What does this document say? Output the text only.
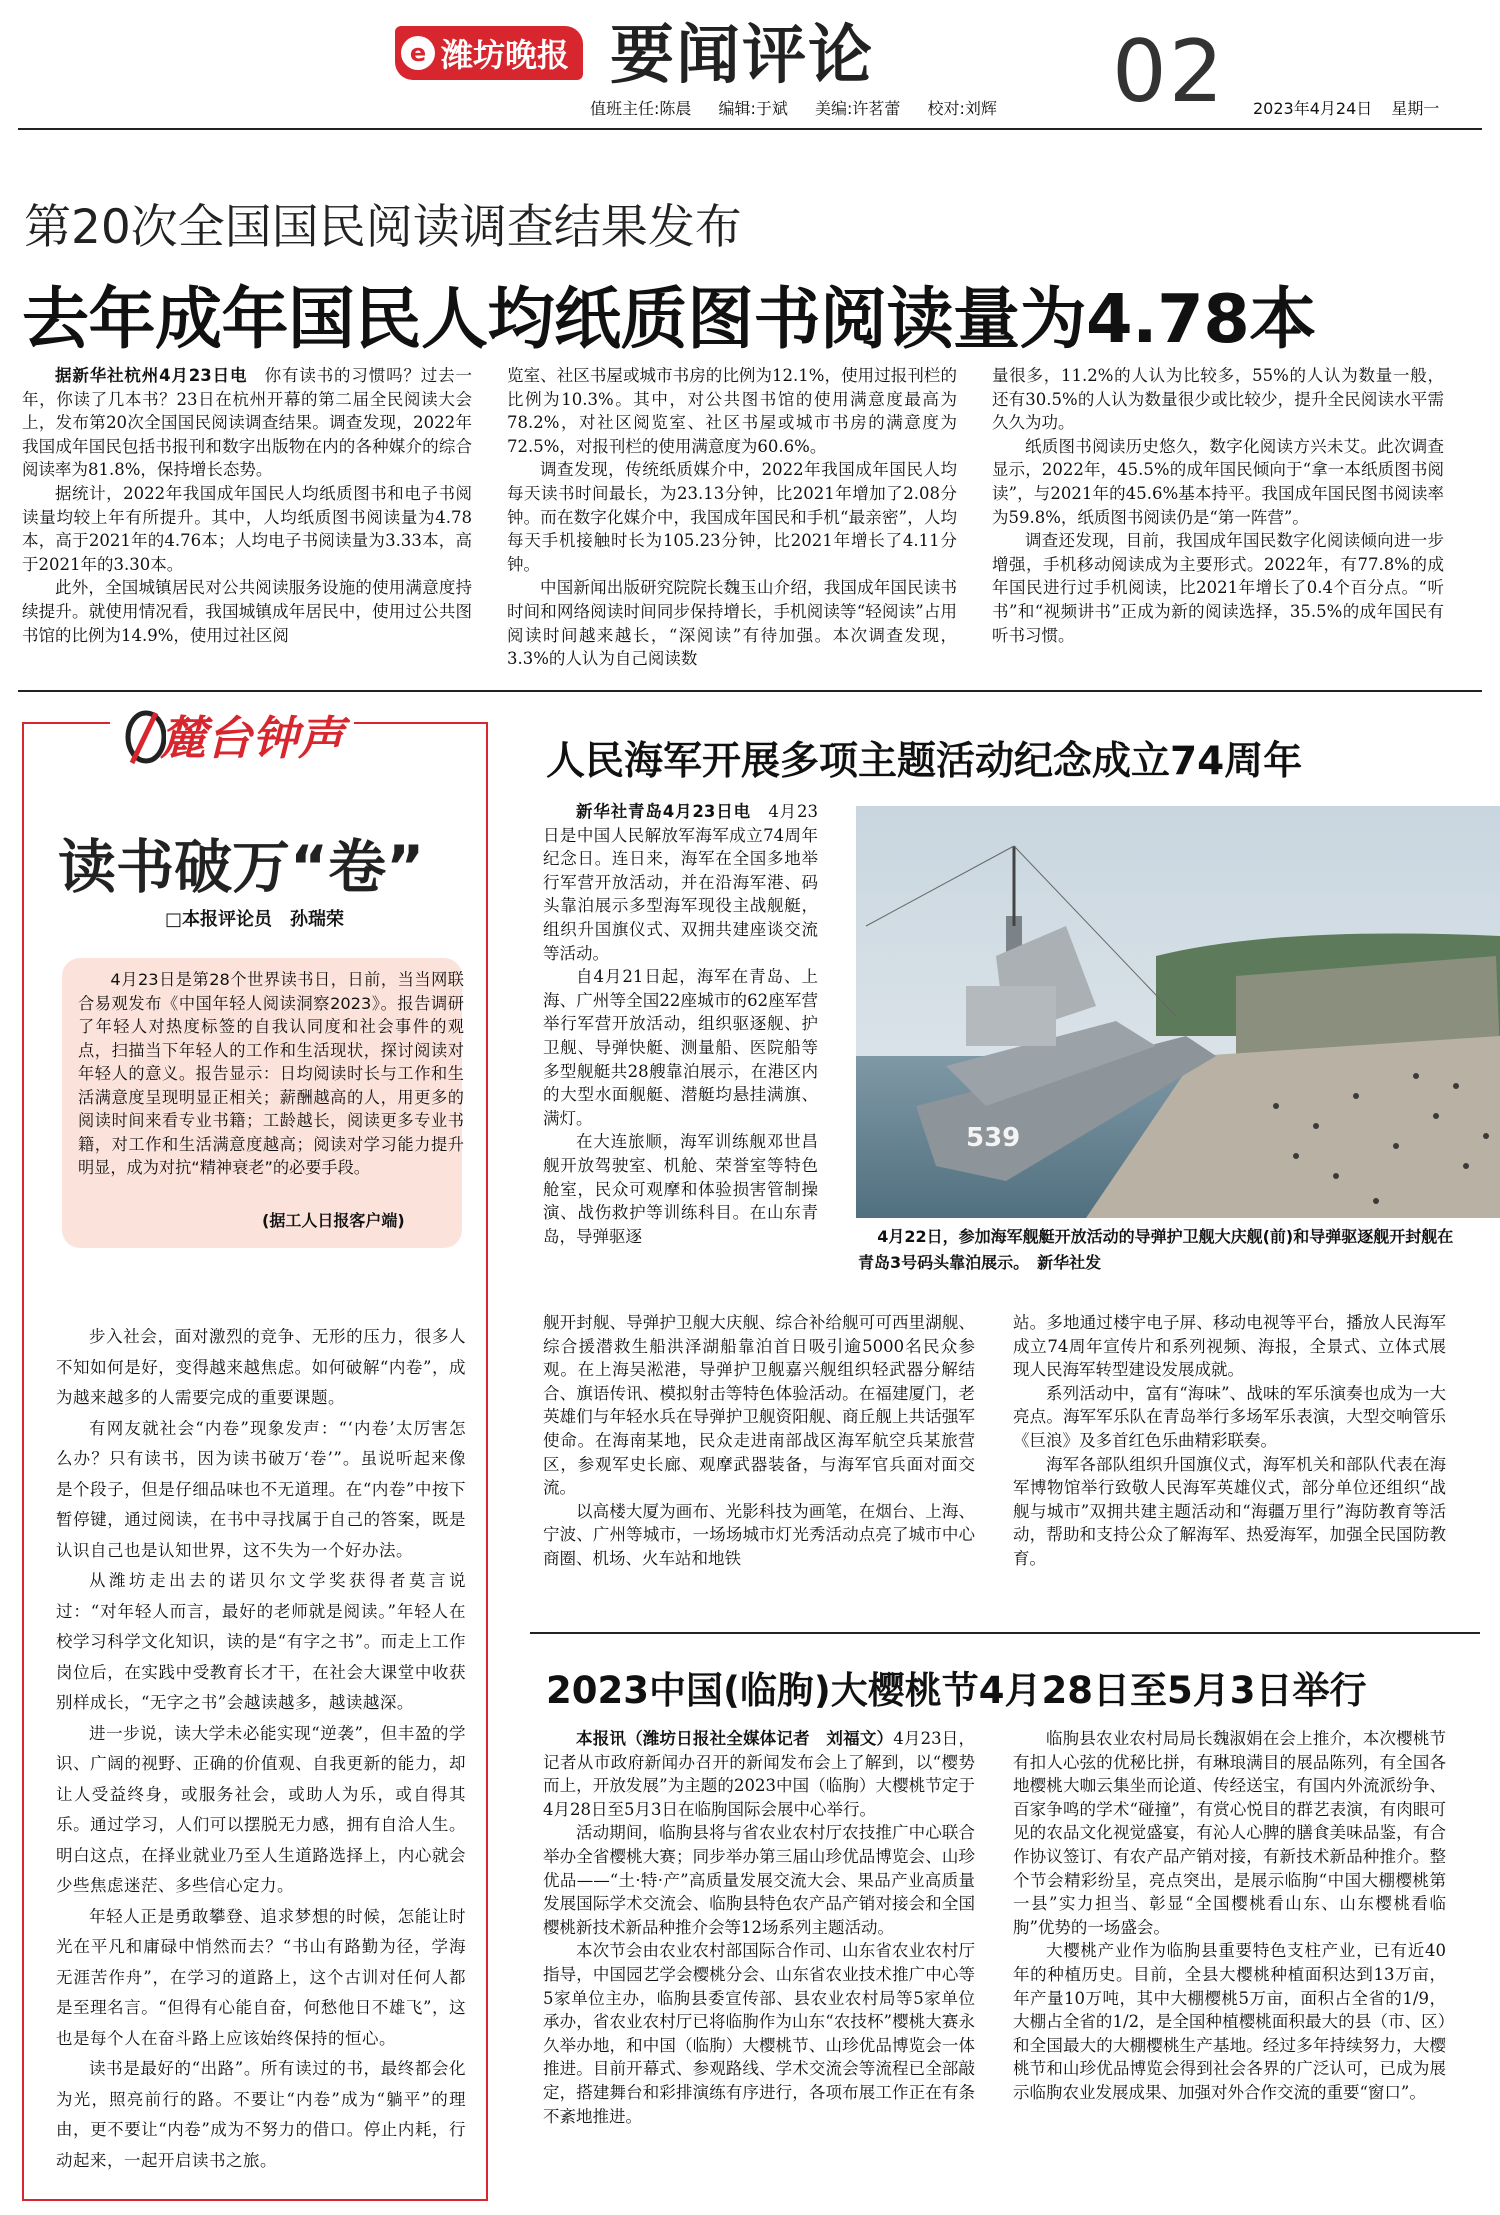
e 潍坊晚报 要闻评论	02
值班主任:陈晨 编辑:于斌 美编:许茗蕾 校对:刘辉	2023年4月24日 星期一
第20次全国国民阅读调查结果发布
去年成年国民人均纸质图书阅读量为4.78本

据新华社杭州4月23日电　 你有读书的习惯吗？过去一年，你读了几本书？23日在杭州开幕的第二届全民阅读大会上，发布第20次全国国民阅读调查结果。调查发现，2022年我国成年国民包括书报刊和数字出版物在内的各种媒介的综合阅读率为81.8%，保持增长态势。

据统计，2022年我国成年国民人均纸质图书和电子书阅读量均较上年有所提升。其中，人均纸质图书阅读量为4.78本，高于2021年的4.76本；人均电子书阅读量为3.33本，高于2021年的3.30本。

此外，全国城镇居民对公共阅读服务设施的使用满意度持续提升。就使用情况看，我国城镇成年居民中，使用过公共图书馆的比例为14.9%，使用过社区阅

览室、社区书屋或城市书房的比例为12.1%，使用过报刊栏的比例为10.3%。其中，对公共图书馆的使用满意度最高为78.2%，对社区阅览室、社区书屋或城市书房的满意度为72.5%，对报刊栏的使用满意度为60.6%。

调查发现，传统纸质媒介中，2022年我国成年国民人均每天读书时间最长，为23.13分钟，比2021年增加了2.08分钟。而在数字化媒介中，我国成年国民和手机“最亲密”，人均每天手机接触时长为105.23分钟，比2021年增长了4.11分钟。

中国新闻出版研究院院长魏玉山介绍，我国成年国民读书时间和网络阅读时间同步保持增长，手机阅读等“轻阅读”占用阅读时间越来越长，“深阅读”有待加强。本次调查发现，3.3%的人认为自己阅读数

量很多，11.2%的人认为比较多，55%的人认为数量一般，还有30.5%的人认为数量很少或比较少，提升全民阅读水平需久久为功。

纸质图书阅读历史悠久，数字化阅读方兴未艾。此次调查显示，2022年，45.5%的成年国民倾向于“拿一本纸质图书阅读”，与2021年的45.6%基本持平。我国成年国民图书阅读率为59.8%，纸质图书阅读仍是“第一阵营”。

调查还发现，目前，我国成年国民数字化阅读倾向进一步增强，手机移动阅读成为主要形式。2022年，有77.8%的成年国民进行过手机阅读，比2021年增长了0.4个百分点。“听书”和“视频讲书”正成为新的阅读选择，35.5%的成年国民有听书习惯。

麓台钟声
读书破万“卷”
□本报评论员　孙瑞荣

4月23日是第28个世界读书日，日前，当当网联合易观发布《中国年轻人阅读洞察2023》。报告调研了年轻人对热度标签的自我认同度和社会事件的观点，扫描当下年轻人的工作和生活现状，探讨阅读对年轻人的意义。报告显示：日均阅读时长与工作和生活满意度呈现明显正相关；薪酬越高的人，用更多的阅读时间来看专业书籍；工龄越长，阅读更多专业书籍，对工作和生活满意度越高；阅读对学习能力提升明显，成为对抗“精神衰老”的必要手段。

(据工人日报客户端)

步入社会，面对激烈的竞争、无形的压力，很多人不知如何是好，变得越来越焦虑。如何破解“内卷”，成为越来越多的人需要完成的重要课题。

有网友就社会“内卷”现象发声：“‘内卷’太厉害怎么办？只有读书，因为读书破万‘卷’”。虽说听起来像是个段子，但是仔细品味也不无道理。在“内卷”中按下暂停键，通过阅读，在书中寻找属于自己的答案，既是认识自己也是认知世界，这不失为一个好办法。

从潍坊走出去的诺贝尔文学奖获得者莫言说过：“对年轻人而言，最好的老师就是阅读。”年轻人在校学习科学文化知识，读的是“有字之书”。而走上工作岗位后，在实践中受教育长才干，在社会大课堂中收获别样成长，“无字之书”会越读越多，越读越深。

进一步说，读大学未必能实现“逆袭”，但丰盈的学识、广阔的视野、正确的价值观、自我更新的能力，却让人受益终身，或服务社会，或助人为乐，或自得其乐。通过学习，人们可以摆脱无力感，拥有自洽人生。明白这点，在择业就业乃至人生道路选择上，内心就会少些焦虑迷茫、多些信心定力。

年轻人正是勇敢攀登、追求梦想的时候，怎能让时光在平凡和庸碌中悄然而去？“书山有路勤为径，学海无涯苦作舟”，在学习的道路上，这个古训对任何人都是至理名言。“但得有心能自奋，何愁他日不雄飞”，这也是每个人在奋斗路上应该始终保持的恒心。

读书是最好的“出路”。所有读过的书，最终都会化为光，照亮前行的路。不要让“内卷”成为“躺平”的理由，更不要让“内卷”成为不努力的借口。停止内耗，行动起来，一起开启读书之旅。

人民海军开展多项主题活动纪念成立74周年

新华社青岛4月23日电　 4月23日是中国人民解放军海军成立74周年纪念日。连日来，海军在全国多地举行军营开放活动，并在沿海军港、码头靠泊展示多型海军现役主战舰艇，组织升国旗仪式、双拥共建座谈交流等活动。

自4月21日起，海军在青岛、上海、广州等全国22座城市的62座军营举行军营开放活动，组织驱逐舰、护卫舰、导弹快艇、测量船、医院船等多型舰艇共28艘靠泊展示，在港区内的大型水面舰艇、潜艇均悬挂满旗、满灯。

在大连旅顺，海军训练舰邓世昌舰开放驾驶室、机舱、荣誉室等特色舱室，民众可观摩和体验损害管制操演、战伤救护等训练科目。在山东青岛，导弹驱逐

539
4月22日，参加海军舰艇开放活动的导弹护卫舰大庆舰(前)和导弹驱逐舰开封舰在青岛3号码头靠泊展示。　新华社发

舰开封舰、导弹护卫舰大庆舰、综合补给舰可可西里湖舰、综合援潜救生船洪泽湖船靠泊首日吸引逾5000名民众参观。在上海吴淞港，导弹护卫舰嘉兴舰组织轻武器分解结合、旗语传讯、模拟射击等特色体验活动。在福建厦门，老英雄们与年轻水兵在导弹护卫舰资阳舰、商丘舰上共话强军使命。在海南某地，民众走进南部战区海军航空兵某旅营区，参观军史长廊、观摩武器装备，与海军官兵面对面交流。

以高楼大厦为画布、光影科技为画笔，在烟台、上海、宁波、广州等城市，一场场城市灯光秀活动点亮了城市中心商圈、机场、火车站和地铁

站。多地通过楼宇电子屏、移动电视等平台，播放人民海军成立74周年宣传片和系列视频、海报，全景式、立体式展现人民海军转型建设发展成就。

系列活动中，富有“海味”、战味的军乐演奏也成为一大亮点。海军军乐队在青岛举行多场军乐表演，大型交响管乐《巨浪》及多首红色乐曲精彩联奏。

海军各部队组织升国旗仪式，海军机关和部队代表在海军博物馆举行致敬人民海军英雄仪式，部分单位还组织“战舰与城市”双拥共建主题活动和“海疆万里行”海防教育等活动，帮助和支持公众了解海军、热爱海军，加强全民国防教育。

2023中国(临朐)大樱桃节4月28日至5月3日举行

本报讯（潍坊日报社全媒体记者　刘福文）4月23日，记者从市政府新闻办召开的新闻发布会上了解到，以“樱势而上，开放发展”为主题的2023中国（临朐）大樱桃节定于4月28日至5月3日在临朐国际会展中心举行。

活动期间，临朐县将与省农业农村厅农技推广中心联合举办全省樱桃大赛；同步举办第三届山珍优品博览会、山珍优品——“土·特·产”高质量发展交流大会、果品产业高质量发展国际学术交流会、临朐县特色农产品产销对接会和全国樱桃新技术新品种推介会等12场系列主题活动。

本次节会由农业农村部国际合作司、山东省农业农村厅指导，中国园艺学会樱桃分会、山东省农业技术推广中心等5家单位主办，临朐县委宣传部、县农业农村局等5家单位承办，省农业农村厅已将临朐作为山东“农技杯”樱桃大赛永久举办地，和中国（临朐）大樱桃节、山珍优品博览会一体推进。目前开幕式、参观路线、学术交流会等流程已全部敲定，搭建舞台和彩排演练有序进行，各项布展工作正在有条不紊地推进。

临朐县农业农村局局长魏淑娟在会上推介，本次樱桃节有扣人心弦的优秘比拼，有琳琅满目的展品陈列，有全国各地樱桃大咖云集坐而论道、传经送宝，有国内外流派纷争、百家争鸣的学术“碰撞”，有赏心悦目的群艺表演，有肉眼可见的农品文化视觉盛宴，有沁人心脾的膳食美味品鉴，有合作协议签订、有农产品产销对接，有新技术新品种推介。整个节会精彩纷呈，亮点突出，是展示临朐“中国大棚樱桃第一县”实力担当、彰显“全国樱桃看山东、山东樱桃看临朐”优势的一场盛会。

大樱桃产业作为临朐县重要特色支柱产业，已有近40年的种植历史。目前，全县大樱桃种植面积达到13万亩，年产量10万吨，其中大棚樱桃5万亩，面积占全省的1/9，大棚占全省的1/2，是全国种植樱桃面积最大的县（市、区）和全国最大的大棚樱桃生产基地。经过多年持续努力，大樱桃节和山珍优品博览会得到社会各界的广泛认可，已成为展示临朐农业发展成果、加强对外合作交流的重要“窗口”。
